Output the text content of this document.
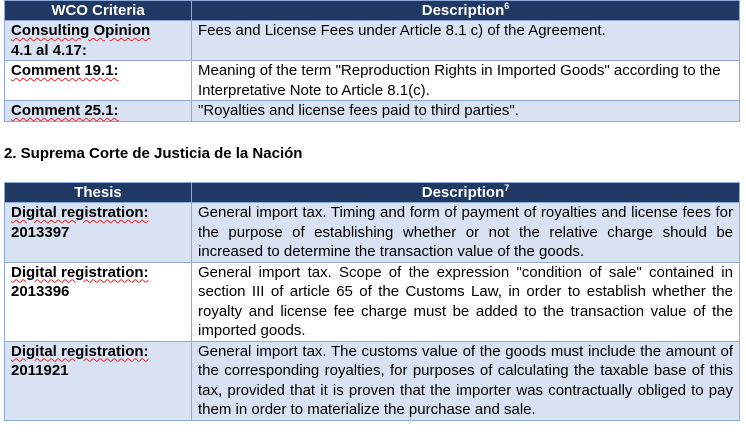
WCO Criteria	Description$^6$
Consulting Opinion
4.1 al 4.17:	Fees and License Fees under Article 8.1 c) of the Agreement.
Comment 19.1:	Meaning of the term "Reproduction Rights in Imported Goods" according to the Interpretative Note to Article 8.1(c).
Comment 25.1:	"Royalties and license fees paid to third parties".
2. Suprema Corte de Justicia de la Nación
Thesis	Description$^7$
Digital registration:
2013397	General import tax. Timing and form of payment of royalties and license fees for the purpose of establishing whether or not the relative charge should be increased to determine the transaction value of the goods.
Digital registration:
2013396	General import tax. Scope of the expression "condition of sale" contained in section III of article 65 of the Customs Law, in order to establish whether the royalty and license fee charge must be added to the transaction value of the imported goods.
Digital registration:
2011921	General import tax. The customs value of the goods must include the amount of the corresponding royalties, for purposes of calculating the taxable base of this tax, provided that it is proven that the importer was contractually obliged to pay them in order to materialize the purchase and sale.
